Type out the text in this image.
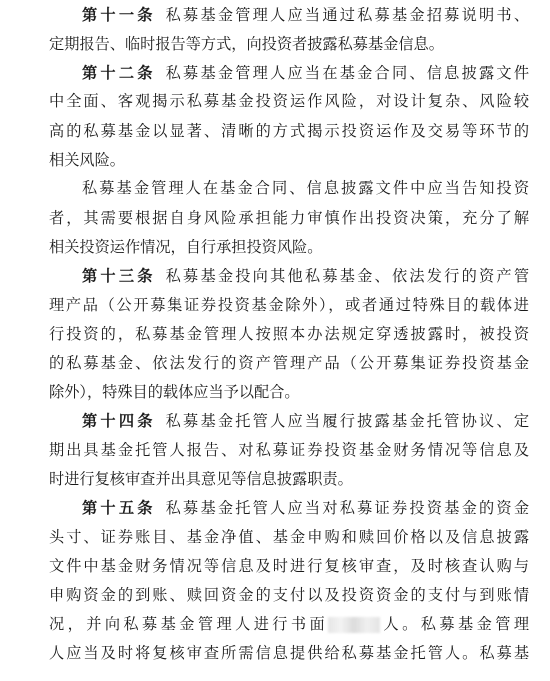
第十一条 私募基金管理人应当通过私募基金招募说明书、
定期报告、临时报告等方式，向投资者披露私募基金信息。
第十二条 私募基金管理人应当在基金合同、信息披露文件
中全面、客观揭示私募基金投资运作风险，对设计复杂、风险较
高的私募基金以显著、清晰的方式揭示投资运作及交易等环节的
相关风险。
私募基金管理人在基金合同、信息披露文件中应当告知投资
者，其需要根据自身风险承担能力审慎作出投资决策，充分了解
相关投资运作情况，自行承担投资风险。
第十三条 私募基金投向其他私募基金、依法发行的资产管
理产品（公开募集证券投资基金除外），或者通过特殊目的载体进
行投资的，私募基金管理人按照本办法规定穿透披露时，被投资
的私募基金、依法发行的资产管理产品（公开募集证券投资基金
除外），特殊目的载体应当予以配合。
第十四条 私募基金托管人应当履行披露基金托管协议、定
期出具基金托管人报告、对私募证券投资基金财务情况等信息及
时进行复核审查并出具意见等信息披露职责。
第十五条 私募基金托管人应当对私募证券投资基金的资金
头寸、证券账目、基金净值、基金申购和赎回价格以及信息披露
文件中基金财务情况等信息及时进行复核审查，及时核查认购与
申购资金的到账、赎回资金的支付以及投资资金的支付与到账情
况，并向私募基金管理人进行书面	人。私募基金管理
人应当及时将复核审查所需信息提供给私募基金托管人。私募基
